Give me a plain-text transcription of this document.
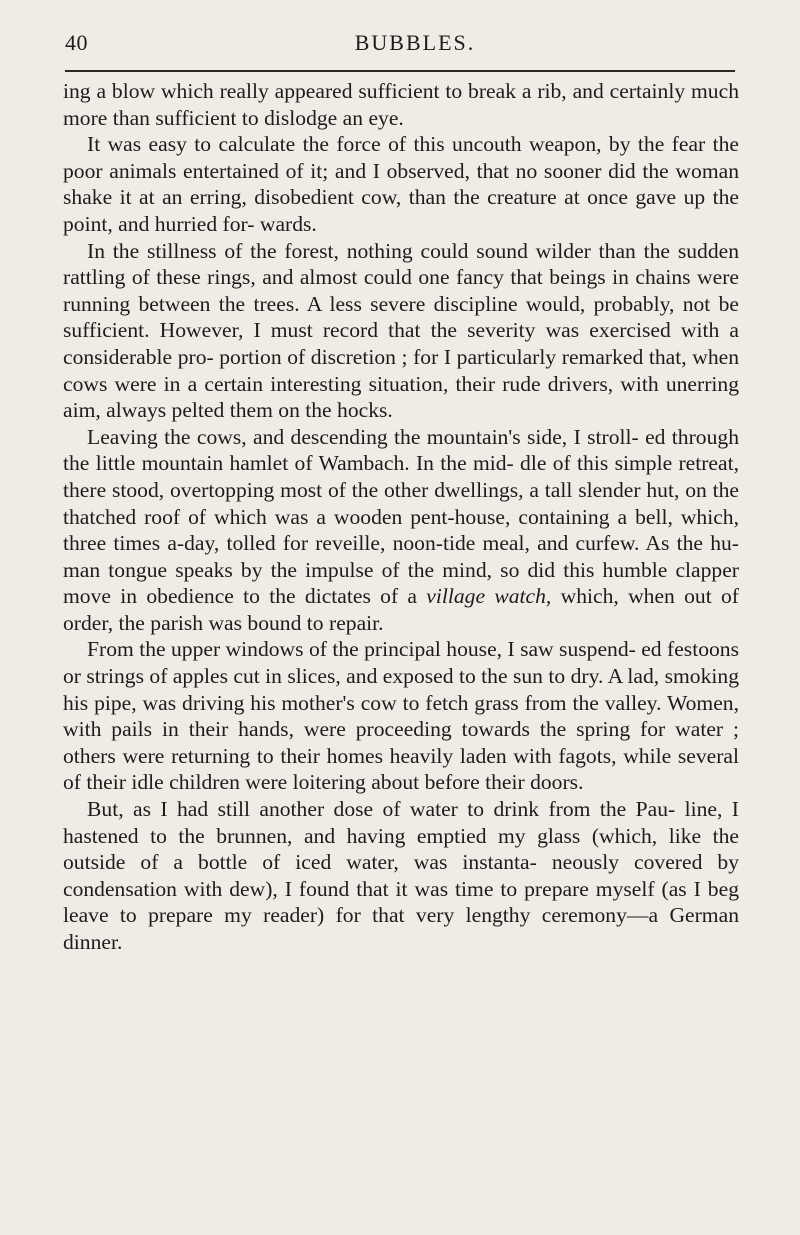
40	BUBBLES.

ing a blow which really appeared sufficient to break a rib, and certainly much more than sufficient to dislodge an eye.

It was easy to calculate the force of this uncouth weapon, by the fear the poor animals entertained of it; and I observed, that no sooner did the woman shake it at an erring, disobedient cow, than the creature at once gave up the point, and hurried for- wards.

In the stillness of the forest, nothing could sound wilder than the sudden rattling of these rings, and almost could one fancy that beings in chains were running between the trees. A less severe discipline would, probably, not be sufficient. However, I must record that the severity was exercised with a considerable pro- portion of discretion ; for I particularly remarked that, when cows were in a certain interesting situation, their rude drivers, with unerring aim, always pelted them on the hocks.

Leaving the cows, and descending the mountain's side, I stroll- ed through the little mountain hamlet of Wambach. In the mid- dle of this simple retreat, there stood, overtopping most of the other dwellings, a tall slender hut, on the thatched roof of which was a wooden pent-house, containing a bell, which, three times a-day, tolled for reveille, noon-tide meal, and curfew. As the hu- man tongue speaks by the impulse of the mind, so did this humble clapper move in obedience to the dictates of a village watch, which, when out of order, the parish was bound to repair.

From the upper windows of the principal house, I saw suspend- ed festoons or strings of apples cut in slices, and exposed to the sun to dry. A lad, smoking his pipe, was driving his mother's cow to fetch grass from the valley. Women, with pails in their hands, were proceeding towards the spring for water ; others were returning to their homes heavily laden with fagots, while several of their idle children were loitering about before their doors.

But, as I had still another dose of water to drink from the Pau- line, I hastened to the brunnen, and having emptied my glass (which, like the outside of a bottle of iced water, was instanta- neously covered by condensation with dew), I found that it was time to prepare myself (as I beg leave to prepare my reader) for that very lengthy ceremony—a German dinner.
